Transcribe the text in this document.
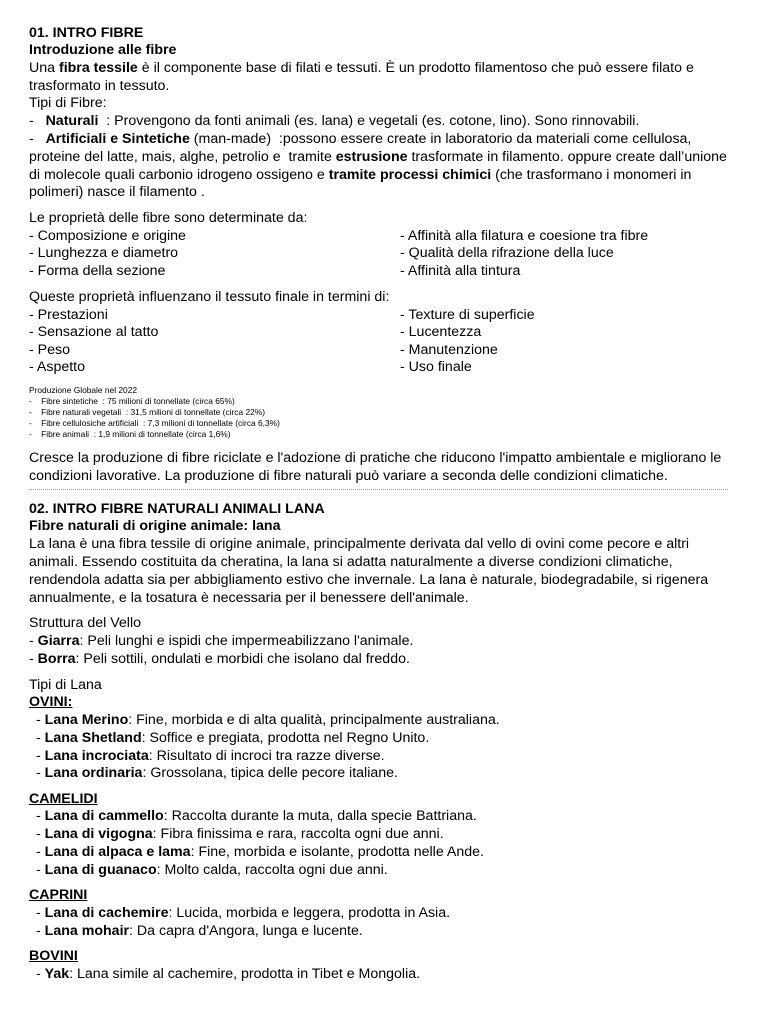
01. INTRO FIBRE
Introduzione alle fibre
Una fibra tessile è il componente base di filati e tessuti. È un prodotto filamentoso che può essere filato e
trasformato in tessuto.
Tipi di Fibre:
-   Naturali  : Provengono da fonti animali (es. lana) e vegetali (es. cotone, lino). Sono rinnovabili.
-   Artificiali e Sintetiche (man-made)  :possono essere create in laboratorio da materiali come cellulosa,
proteine del latte, mais, alghe, petrolio e  tramite estrusione trasformate in filamento. oppure create dall’unione
di molecole quali carbonio idrogeno ossigeno e tramite processi chimici (che trasformano i monomeri in
polimeri) nasce il filamento .
Le proprietà delle fibre sono determinate da:
- Composizione e origine
- Lunghezza e diametro
- Forma della sezione
- Affinità alla filatura e coesione tra fibre
- Qualità della rifrazione della luce
- Affinità alla tintura
Queste proprietà influenzano il tessuto finale in termini di:
- Prestazioni
- Sensazione al tatto
- Peso
- Aspetto
- Texture di superficie
- Lucentezza
- Manutenzione
- Uso finale
Produzione Globale nel 2022
-    Fibre sintetiche  : 75 milioni di tonnellate (circa 65%)
-    Fibre naturali vegetali  : 31,5 milioni di tonnellate (circa 22%)
-    Fibre cellulosiche artificiali  : 7,3 milioni di tonnellate (circa 6,3%)
-    Fibre animali  : 1,9 milioni di tonnellate (circa 1,6%)
Cresce la produzione di fibre riciclate e l'adozione di pratiche che riducono l'impatto ambientale e migliorano le
condizioni lavorative. La produzione di fibre naturali può variare a seconda delle condizioni climatiche.
02. INTRO FIBRE NATURALI ANIMALI LANA
Fibre naturali di origine animale: lana
La lana è una fibra tessile di origine animale, principalmente derivata dal vello di ovini come pecore e altri
animali. Essendo costituita da cheratina, la lana si adatta naturalmente a diverse condizioni climatiche,
rendendola adatta sia per abbigliamento estivo che invernale. La lana è naturale, biodegradabile, si rigenera
annualmente, e la tosatura è necessaria per il benessere dell'animale.
Struttura del Vello
- Giarra: Peli lunghi e ispidi che impermeabilizzano l'animale.
- Borra: Peli sottili, ondulati e morbidi che isolano dal freddo.
Tipi di Lana
OVINI:
- Lana Merino: Fine, morbida e di alta qualità, principalmente australiana.
- Lana Shetland: Soffice e pregiata, prodotta nel Regno Unito.
- Lana incrociata: Risultato di incroci tra razze diverse.
- Lana ordinaria: Grossolana, tipica delle pecore italiane.
CAMELIDI
- Lana di cammello: Raccolta durante la muta, dalla specie Battriana.
- Lana di vigogna: Fibra finissima e rara, raccolta ogni due anni.
- Lana di alpaca e lama: Fine, morbida e isolante, prodotta nelle Ande.
- Lana di guanaco: Molto calda, raccolta ogni due anni.
CAPRINI
- Lana di cachemire: Lucida, morbida e leggera, prodotta in Asia.
- Lana mohair: Da capra d'Angora, lunga e lucente.
BOVINI
- Yak: Lana simile al cachemire, prodotta in Tibet e Mongolia.
